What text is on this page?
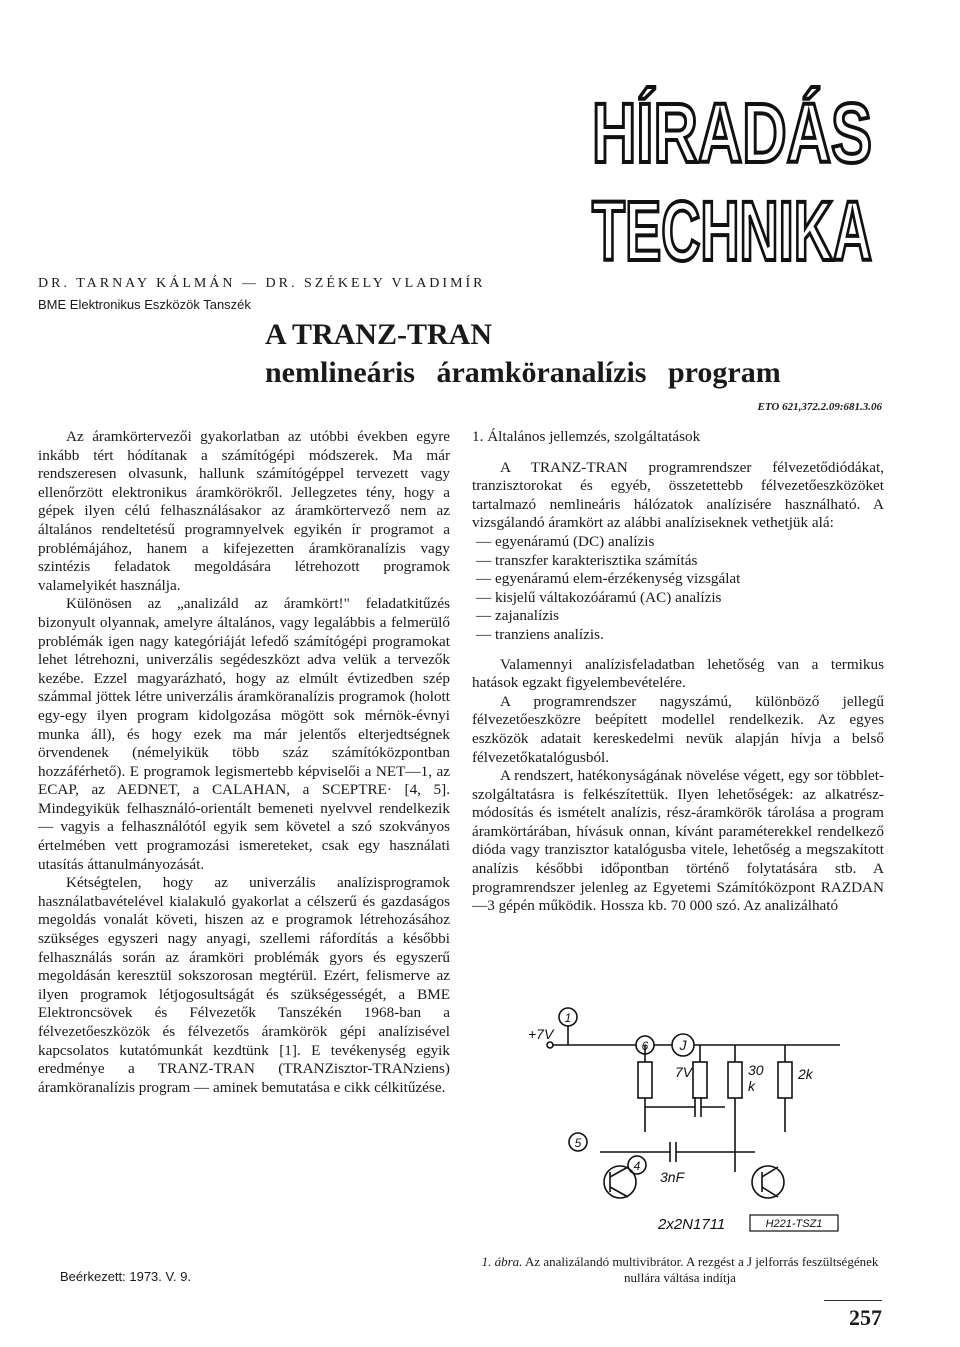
HÍRADÁS
TECHNIKA
DR. TARNAY KÁLMÁN — DR. SZÉKELY VLADIMÍR
BME Elektronikus Eszközök Tanszék
A TRANZ-TRAN
nemlineáris áramköranalízis program
ETO 621,372.2.09:681.3.06

Az áramkörtervezői gyakorlatban az utóbbi években egyre inkább tért hódítanak a számítógépi módszerek. Ma már rendszeresen olvasunk, hallunk számítógéppel tervezett vagy ellenőrzött elektronikus áramkörökről. Jellegzetes tény, hogy a gépek ilyen célú felhasználásakor az áramkörtervező nem az általános rendeltetésű programnyelvek egyikén ír programot a problémájához, hanem a kifejezetten áramköranalízis vagy szintézis feladatok megoldására létrehozott programok valamelyikét használja.

Különösen az „analizáld az áramkört!" feladatkitűzés bizonyult olyannak, amelyre általános, vagy legalábbis a felmerülő problémák igen nagy kategóriáját lefedő számítógépi programokat lehet létrehozni, univerzális segédeszközt adva velük a tervezők kezébe. Ezzel magyarázható, hogy az elmúlt évtizedben szép számmal jöttek létre univerzális áramköranalízis programok (holott egy-egy ilyen program kidolgozása mögött sok mérnök-évnyi munka áll), és hogy ezek ma már jelentős elterjedtségnek örvendenek (némelyikük több száz számítóközpontban hozzáférhető). E programok legismertebb képviselői a NET—1, az ECAP, az AEDNET, a CALAHAN, a SCEPTRE· [4, 5]. Mindegyikük felhasználó-orientált bemeneti nyelvvel rendelkezik — vagyis a felhasználótól egyik sem követel a szó szokványos értelmében vett programozási ismereteket, csak egy használati utasítás áttanulmányozását.

Kétségtelen, hogy az univerzális analízisprogramok használatbavételével kialakuló gyakorlat a célszerű és gazdaságos megoldás vonalát követi, hiszen az e programok létrehozásához szükséges egyszeri nagy anyagi, szellemi ráfordítás a későbbi felhasználás során az áramköri problémák gyors és egyszerű megoldásán keresztül sokszorosan megtérül. Ezért, felismerve az ilyen programok létjogosultságát és szükségességét, a BME Elektroncsövek és Félvezetők Tanszékén 1968-ban a félvezetőeszközök és félvezetős áramkörök gépi analízisével kapcsolatos kutatómunkát kezdtünk [1]. E tevékenység egyik eredménye a TRANZ-TRAN (TRANZisztor-TRANziens) áramköranalízis program — aminek bemutatása e cikk célkitűzése.

1. Általános jellemzés, szolgáltatások

A TRANZ-TRAN programrendszer félvezetődiódákat, tranzisztorokat és egyéb, összetettebb félvezetőeszközöket tartalmazó nemlineáris hálózatok analízisére használható. A vizsgálandó áramkört az alábbi analíziseknek vethetjük alá:

— egyenáramú (DC) analízis
— transzfer karakterisztika számítás
— egyenáramú elem-érzékenység vizsgálat
— kisjelű váltakozóáramú (AC) analízis
— zajanalízis
— tranziens analízis.

Valamennyi analízisfeladatban lehetőség van a termikus hatások egzakt figyelembevételére.

A programrendszer nagyszámú, különböző jellegű félvezetőeszközre beépített modellel rendelkezik. Az egyes eszközök adatait kereskedelmi nevük alapján hívja a belső félvezetőkatalógusból.

A rendszert, hatékonyságának növelése végett, egy sor többlet-szolgáltatásra is felkészítettük. Ilyen lehetőségek: az alkatrész-módosítás és ismételt analízis, rész-áramkörök tárolása a program áramkörtárában, hívásuk onnan, kívánt paraméterekkel rendelkező dióda vagy tranzisztor katalógusba vitele, lehetőség a megszakított analízis későbbi időpontban történő folytatására stb. A programrendszer jelenleg az Egyetemi Számítóközpont RAZDAN—3 gépén működik. Hossza kb. 70 000 szó. Az analizálható

1
+7V
J
6
7V	30
k
2k
3nF
5
4
2x2N1711	H221-TSZ1
1. ábra. Az analizálandó multivibrátor. A rezgést a J jelforrás feszültségének nullára váltása indítja
Beérkezett: 1973. V. 9.
257
